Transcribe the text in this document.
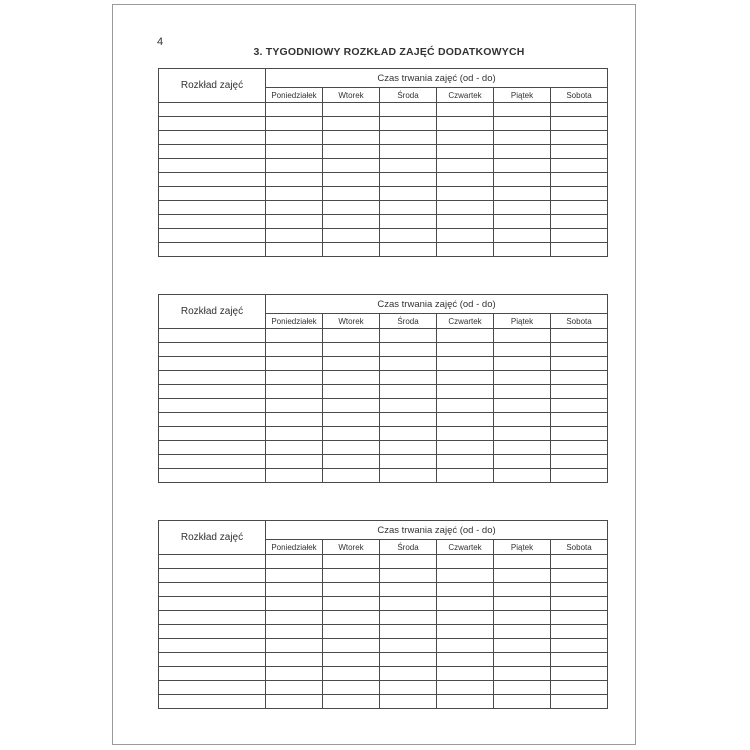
4
3. TYGODNIOWY ROZKŁAD ZAJĘĆ DODATKOWYCH
Rozkład zajęć	Czas trwania zajęć (od - do)					
	Poniedziałek	Wtorek	Środa	Czwartek	Piątek	Sobota

Rozkład zajęć	Czas trwania zajęć (od - do)					
	Poniedziałek	Wtorek	Środa	Czwartek	Piątek	Sobota

Rozkład zajęć	Czas trwania zajęć (od - do)					
	Poniedziałek	Wtorek	Środa	Czwartek	Piątek	Sobota
